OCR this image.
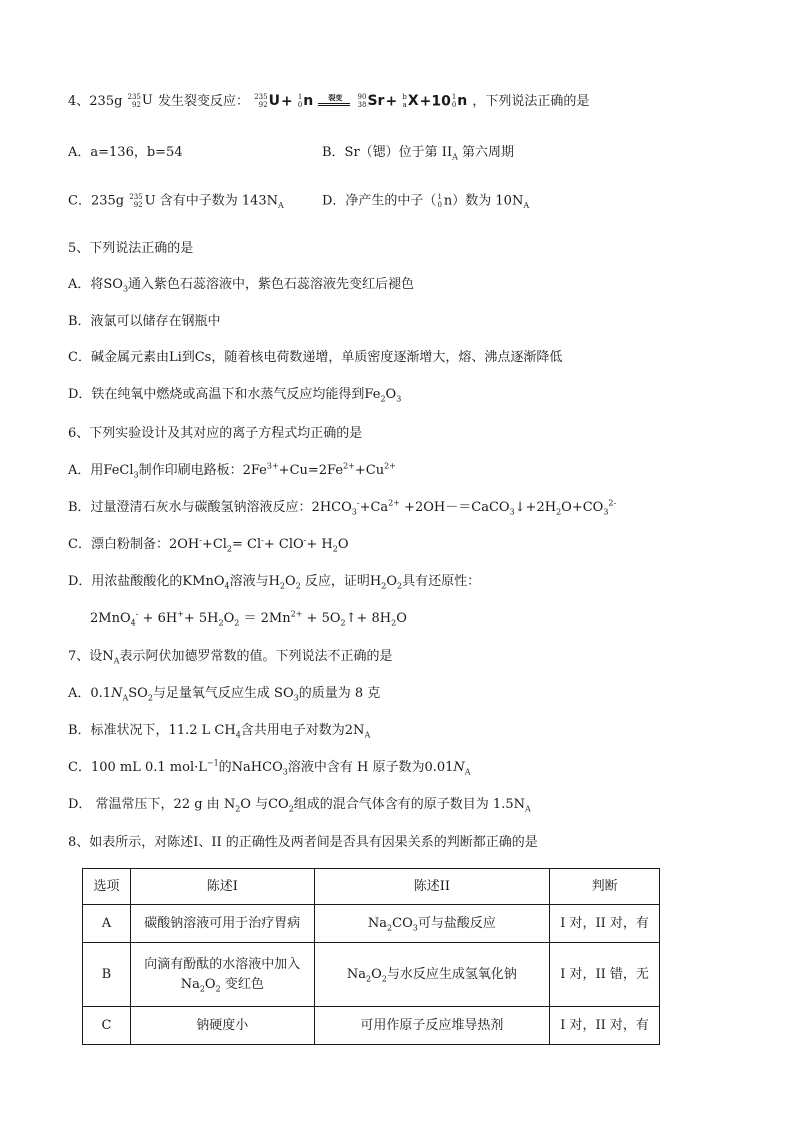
4、235g 235
92 U 发生裂变反应： 235
92 U+ 1
0 n	裂变
	90
38 Sr+ b
a X+10 1
0 n ，下列说法正确的是
A．a=136，b=54	B．Sr（锶）位于第 $II_A$ 第六周期
C．235g 235
92 U 含有中子数为 $143N_A$	D．净产生的中子（ 1
0 n）数为 $10N_A$
5、下列说法正确的是
A．将$SO_3$通入紫色石蕊溶液中，紫色石蕊溶液先变红后褪色
B．液氯可以储存在钢瓶中
C．碱金属元素由Li到Cs，随着核电荷数递增，单质密度逐渐增大，熔、沸点逐渐降低
D．铁在纯氧中燃烧或高温下和水蒸气反应均能得到$Fe_2O_3$
6、下列实验设计及其对应的离子方程式均正确的是
A．用FeCl$_3$制作印刷电路板：$2Fe^{3+}+Cu=2Fe^{2+}+Cu^{2+}$
B．过量澄清石灰水与碳酸氢钠溶液反应：$2HCO_3^-+Ca^{2+}$ $+2OH-=CaCO_3↓+2H_2O+CO_3^{2-}$
C．漂白粉制备：$2OH^-+Cl_2= Cl^-+ ClO^-+ H_2O$
D．用浓盐酸酸化的KMnO$_4$溶液与$H_2O_2$ 反应，证明$H_2O_2$具有还原性：
$2MnO_4^- + 6H^++ 5H_2O_2 = 2Mn^{2+}$ + $5O_2↑+ 8H_2O$
7、设$N_A$表示阿伏加德罗常数的值。下列说法不正确的是
A．$0.1N_ASO_2$与足量氧气反应生成 $SO_3$的质量为 8 克
B．标准状况下，11.2 L $CH_4$含共用电子对数为$2N_A$
C．100 mL 0.1 $mol\cdot L^{-1}$的NaHCO$_3$溶液中含有 H 原子数为$0.01N_A$
D． 常温常压下，22 g 由 $N_2O$ 与$CO_2$组成的混合气体含有的原子数目为 $1.5N_A$
8、如表所示，对陈述I、II 的正确性及两者间是否具有因果关系的判断都正确的是
选项	陈述I	陈述II	判断
A	碳酸钠溶液可用于治疗胃病	$Na_2CO_3$可与盐酸反应	I 对，II 对，有
B	向滴有酚酞的水溶液中加入
$Na_2O_2$ 变红色	$Na_2O_2$与水反应生成氢氧化钠	I 对，II 错，无
C	钠硬度小	可用作原子反应堆导热剂	I 对，II 对，有
